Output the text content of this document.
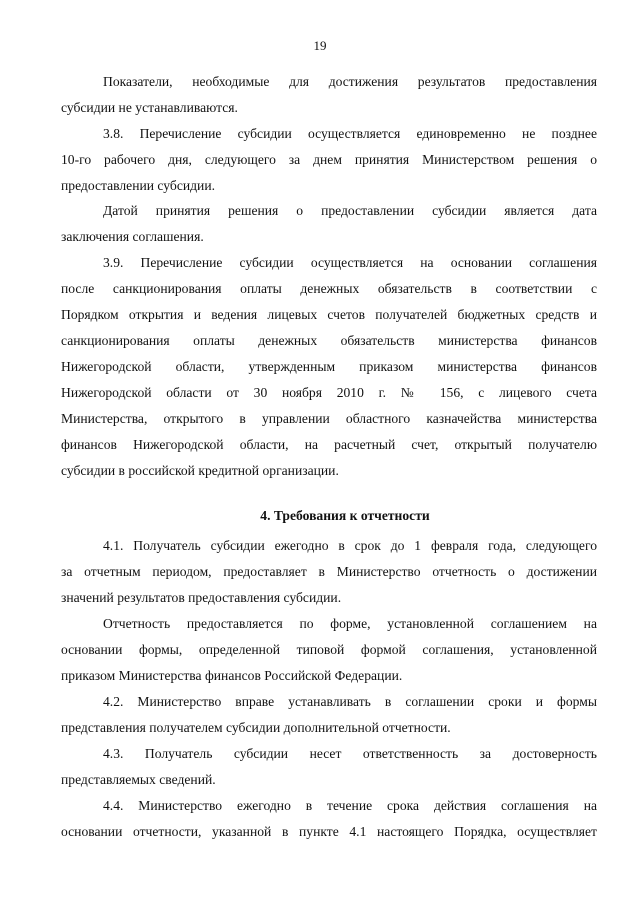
19
4. Требования к отчетности
Показатели, необходимые для достижения результатов предоставления
субсидии не устанавливаются.
3.8. Перечисление субсидии осуществляется единовременно не позднее
10-го рабочего дня, следующего за днем принятия Министерством решения о
предоставлении субсидии.
Датой принятия решения о предоставлении субсидии является дата
заключения соглашения.
3.9. Перечисление субсидии осуществляется на основании соглашения
после санкционирования оплаты денежных обязательств в соответствии с
Порядком открытия и ведения лицевых счетов получателей бюджетных средств и
санкционирования оплаты денежных обязательств министерства финансов
Нижегородской области, утвержденным приказом министерства финансов
Нижегородской области от 30 ноября 2010 г. № 156, с лицевого счета
Министерства, открытого в управлении областного казначейства министерства
финансов Нижегородской области, на расчетный счет, открытый получателю
субсидии в российской кредитной организации.
4.1. Получатель субсидии ежегодно в срок до 1 февраля года, следующего
за отчетным периодом, предоставляет в Министерство отчетность о достижении
значений результатов предоставления субсидии.
Отчетность предоставляется по форме, установленной соглашением на
основании формы, определенной типовой формой соглашения, установленной
приказом Министерства финансов Российской Федерации.
4.2. Министерство вправе устанавливать в соглашении сроки и формы
представления получателем субсидии дополнительной отчетности.
4.3. Получатель субсидии несет ответственность за достоверность
представляемых сведений.
4.4. Министерство ежегодно в течение срока действия соглашения на
основании отчетности, указанной в пункте 4.1 настоящего Порядка, осуществляет
